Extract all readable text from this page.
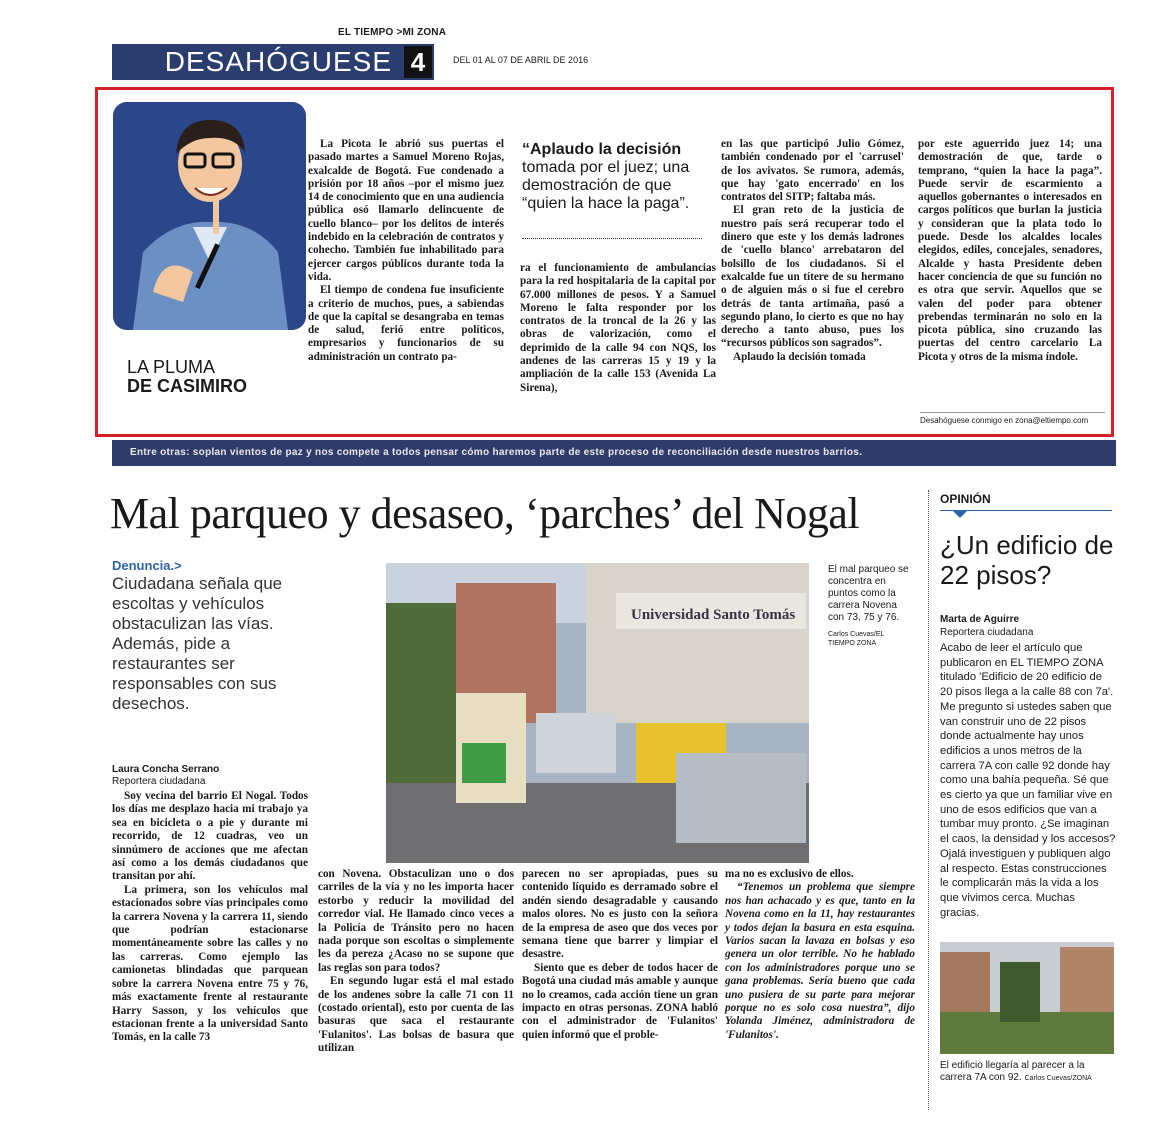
EL TIEMPO >MI ZONA
DESAHÓGUESE 4	DEL 01 AL 07 DE ABRIL DE 2016
LA PLUMA
DE CASIMIRO

La Picota le abrió sus puertas el pasado martes a Samuel Moreno Rojas, exalcalde de Bogotá. Fue condenado a prisión por 18 años –por el mismo juez 14 de conocimiento que en una audiencia pública osó llamarlo delincuente de cuello blanco– por los delitos de interés indebido en la celebración de contratos y cohecho. También fue inhabilitado para ejercer cargos públicos durante toda la vida.

El tiempo de condena fue insuficiente a criterio de muchos, pues, a sabiendas de que la capital se desangraba en temas de salud, ferió entre políticos, empresarios y funcionarios de su administración un contrato pa-

“Aplaudo la decisión
tomada por el juez; una demostración de que “quien la hace la paga”.

ra el funcionamiento de ambulancias para la red hospitalaria de la capital por 67.000 millones de pesos. Y a Samuel Moreno le falta responder por los contratos de la troncal de la 26 y las obras de valorización, como el deprimido de la calle 94 con NQS, los andenes de las carreras 15 y 19 y la ampliación de la calle 153 (Avenida La Sirena),

en las que participó Julio Gómez, también condenado por el 'carrusel' de los avivatos. Se rumora, además, que hay 'gato encerrado' en los contratos del SITP; faltaba más.

El gran reto de la justicia de nuestro país será recuperar todo el dinero que este y los demás ladrones de 'cuello blanco' arrebataron del bolsillo de los ciudadanos. Si el exalcalde fue un títere de su hermano o de alguien más o si fue el cerebro detrás de tanta artimaña, pasó a segundo plano, lo cierto es que no hay derecho a tanto abuso, pues los “recursos públicos son sagrados”.

Aplaudo la decisión tomada

por este aguerrido juez 14; una demostración de que, tarde o temprano, “quien la hace la paga”. Puede servir de escarmiento a aquellos gobernantes o interesados en cargos políticos que burlan la justicia y consideran que la plata todo lo puede. Desde los alcaldes locales elegidos, ediles, concejales, senadores, Alcalde y hasta Presidente deben hacer conciencia de que su función no es otra que servir. Aquellos que se valen del poder para obtener prebendas terminarán no solo en la picota pública, sino cruzando las puertas del centro carcelario La Picota y otros de la misma índole.

Desahóguese conmigo en zona@eltiempo.com
Entre otras: soplan vientos de paz y nos compete a todos pensar cómo haremos parte de este proceso de reconciliación desde nuestros barrios.
Mal parqueo y desaseo, ‘parches’ del Nogal
Denuncia.>
Ciudadana señala que escoltas y vehículos obstaculizan las vías. Además, pide a restaurantes ser responsables con sus desechos.
Universidad Santo Tomás
El mal parqueo se concentra en puntos como la carrera Novena con 73, 75 y 76.
Carlos Cuevas/EL TIEMPO ZONA
Laura Concha Serrano
Reportera ciudadana

Soy vecina del barrio El Nogal. Todos los días me desplazo hacia mi trabajo ya sea en bicicleta o a pie y durante mi recorrido, de 12 cuadras, veo un sinnúmero de acciones que me afectan así como a los demás ciudadanos que transitan por ahí.

La primera, son los vehículos mal estacionados sobre vías principales como la carrera Novena y la carrera 11, siendo que podrían estacionarse momentáneamente sobre las calles y no las carreras. Como ejemplo las camionetas blindadas que parquean sobre la carrera Novena entre 75 y 76, más exactamente frente al restaurante Harry Sasson, y los vehículos que estacionan frente a la universidad Santo Tomás, en la calle 73

con Novena. Obstaculizan uno o dos carriles de la vía y no les importa hacer estorbo y reducir la movilidad del corredor vial. He llamado cinco veces a la Policía de Tránsito pero no hacen nada porque son escoltas o simplemente les da pereza ¿Acaso no se supone que las reglas son para todos?

En segundo lugar está el mal estado de los andenes sobre la calle 71 con 11 (costado oriental), esto por cuenta de las basuras que saca el restaurante 'Fulanitos'. Las bolsas de basura que utilizan

parecen no ser apropiadas, pues su contenido líquido es derramado sobre el andén siendo desagradable y causando malos olores. No es justo con la señora de la empresa de aseo que dos veces por semana tiene que barrer y limpiar el desastre.

Siento que es deber de todos hacer de Bogotá una ciudad más amable y aunque no lo creamos, cada acción tiene un gran impacto en otras personas. ZONA habló con el administrador de 'Fulanitos' quien informó que el proble-

ma no es exclusivo de ellos.

“Tenemos un problema que siempre nos han achacado y es que, tanto en la Novena como en la 11, hay restaurantes y todos dejan la basura en esta esquina. Varios sacan la lavaza en bolsas y eso genera un olor terrible. No he hablado con los administradores porque uno se gana problemas. Sería bueno que cada uno pusiera de su parte para mejorar porque no es solo cosa nuestra”, dijo Yolanda Jiménez, administradora de 'Fulanitos'.

OPINIÓN
¿Un edificio de 22 pisos?
Marta de Aguirre
Reportera ciudadana

Acabo de leer el artículo que publicaron en EL TIEMPO ZONA titulado 'Edificio de 20 edificio de 20 pisos llega a la calle 88 con 7a'. Me pregunto si ustedes saben que van construir uno de 22 pisos donde actualmente hay unos edificios a unos metros de la carrera 7A con calle 92 donde hay como una bahía pequeña. Sé que es cierto ya que un familiar vive en uno de esos edificios que van a tumbar muy pronto. ¿Se imaginan el caos, la densidad y los accesos? Ojalá investiguen y publiquen algo al respecto. Estas construcciones le complicarán más la vida a los que vivimos cerca. Muchas gracias.

El edificio llegaría al parecer a la carrera 7A con 92. Carlos Cuevas/ZONA
